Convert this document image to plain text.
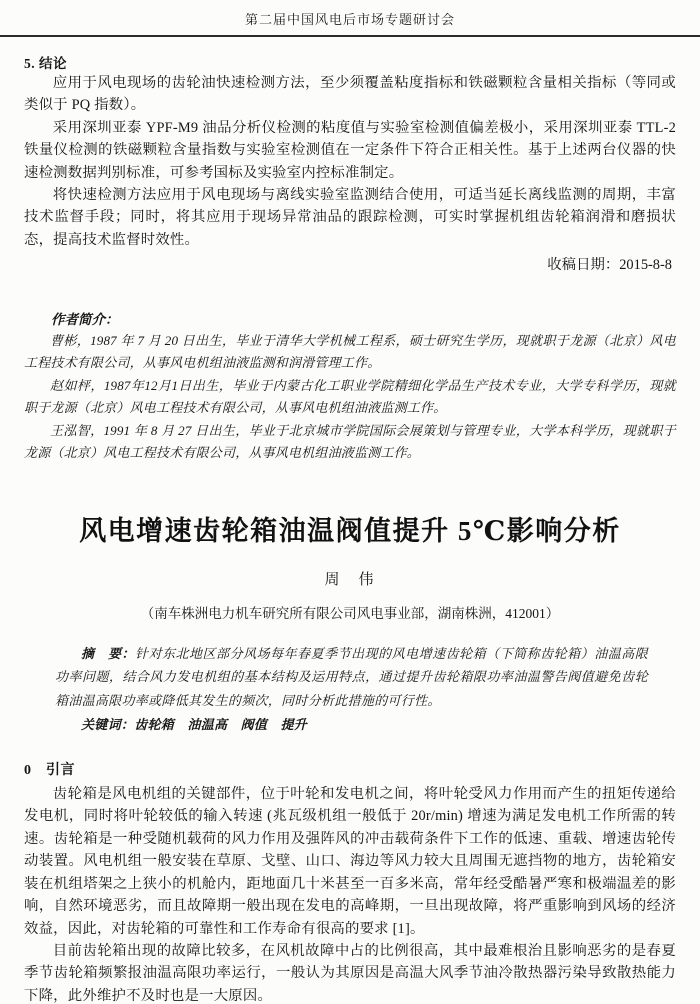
第二届中国风电后市场专题研讨会
5. 结论

应用于风电现场的齿轮油快速检测方法，至少须覆盖粘度指标和铁磁颗粒含量相关指标（等同或类似于 PQ 指数）。

采用深圳亚泰 YPF-M9 油品分析仪检测的粘度值与实验室检测值偏差极小，采用深圳亚泰 TTL-2 铁量仪检测的铁磁颗粒含量指数与实验室检测值在一定条件下符合正相关性。基于上述两台仪器的快速检测数据判别标准，可参考国标及实验室内控标准制定。

将快速检测方法应用于风电现场与离线实验室监测结合使用，可适当延长离线监测的周期，丰富技术监督手段；同时，将其应用于现场异常油品的跟踪检测，可实时掌握机组齿轮箱润滑和磨损状态，提高技术监督时效性。

收稿日期：2015-8-8
作者简介：

曹彬，1987 年 7 月 20 日出生，毕业于清华大学机械工程系，硕士研究生学历，现就职于龙源（北京）风电工程技术有限公司，从事风电机组油液监测和润滑管理工作。

赵如枰，1987年12月1日出生，毕业于内蒙古化工职业学院精细化学品生产技术专业，大学专科学历，现就职于龙源（北京）风电工程技术有限公司，从事风电机组油液监测工作。

王泓智，1991 年 8 月 27 日出生，毕业于北京城市学院国际会展策划与管理专业，大学本科学历，现就职于龙源（北京）风电工程技术有限公司，从事风电机组油液监测工作。

风电增速齿轮箱油温阀值提升 5℃影响分析
周　伟
（南车株洲电力机车研究所有限公司风电事业部，湖南株洲，412001）

摘　要：针对东北地区部分风场每年春夏季节出现的风电增速齿轮箱（下简称齿轮箱）油温高限功率问题，结合风力发电机组的基本结构及运用特点，通过提升齿轮箱限功率油温警告阀值避免齿轮箱油温高限功率或降低其发生的频次，同时分析此措施的可行性。

关键词：齿轮箱　油温高　阀值　提升

0　引言

齿轮箱是风电机组的关键部件，位于叶轮和发电机之间，将叶轮受风力作用而产生的扭矩传递给发电机，同时将叶轮较低的输入转速 (兆瓦级机组一般低于 20r/min) 增速为满足发电机工作所需的转速。齿轮箱是一种受随机载荷的风力作用及强阵风的冲击载荷条件下工作的低速、重载、增速齿轮传动装置。风电机组一般安装在草原、戈壁、山口、海边等风力较大且周围无遮挡物的地方，齿轮箱安装在机组塔架之上狭小的机舱内，距地面几十米甚至一百多米高，常年经受酷暑严寒和极端温差的影响，自然环境恶劣，而且故障期一般出现在发电的高峰期，一旦出现故障，将严重影响到风场的经济效益，因此，对齿轮箱的可靠性和工作寿命有很高的要求 [1]。

目前齿轮箱出现的故障比较多，在风机故障中占的比例很高，其中最难根治且影响恶劣的是春夏季节齿轮箱频繁报油温高限功率运行，一般认为其原因是高温大风季节油冷散热器污染导致散热能力下降，此外维护不及时也是一大原因。
